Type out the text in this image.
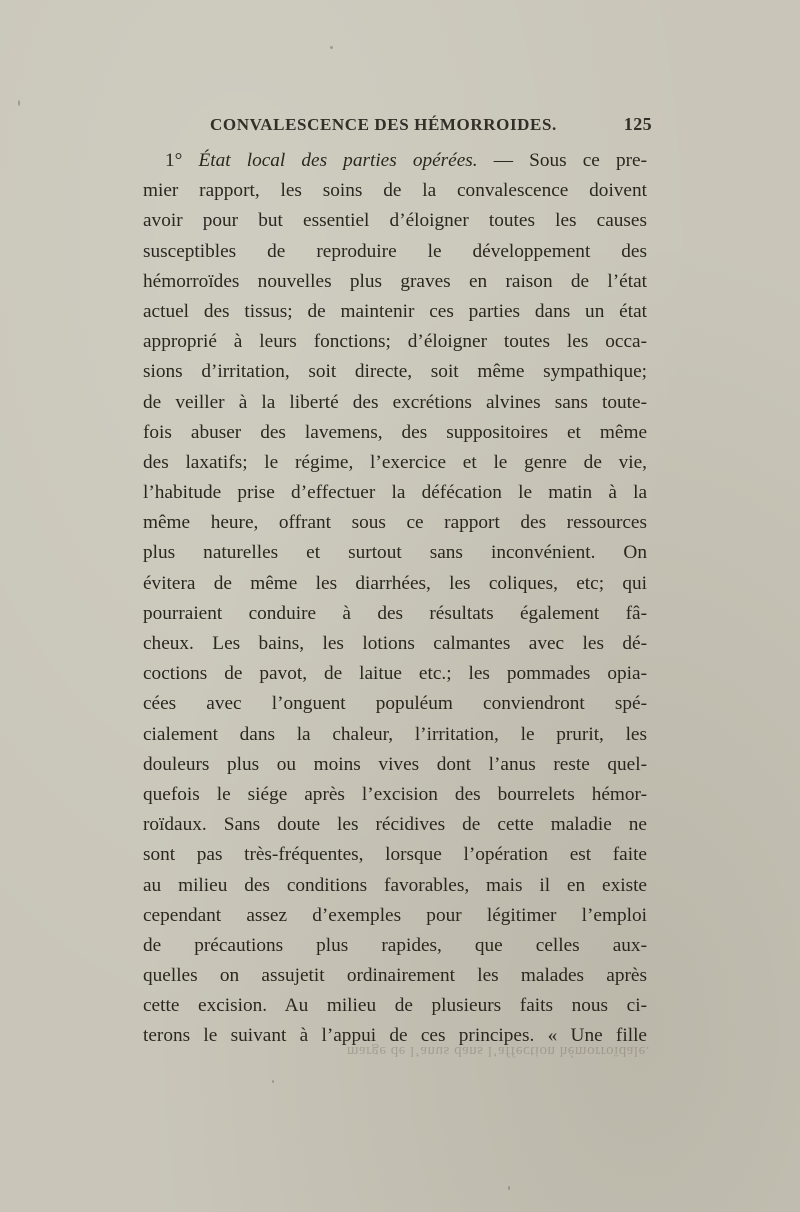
CONVALESCENCE DES HÉMORROIDES.	125
1° État local des parties opérées. — Sous ce pre-
mier rapport, les soins de la convalescence doivent
avoir pour but essentiel d’éloigner toutes les causes
susceptibles de reproduire le développement des
hémorroïdes nouvelles plus graves en raison de l’état
actuel des tissus; de maintenir ces parties dans un état
approprié à leurs fonctions; d’éloigner toutes les occa-
sions d’irritation, soit directe, soit même sympathique;
de veiller à la liberté des excrétions alvines sans toute-
fois abuser des lavemens, des suppositoires et même
des laxatifs; le régime, l’exercice et le genre de vie,
l’habitude prise d’effectuer la défécation le matin à la
même heure, offrant sous ce rapport des ressources
plus naturelles et surtout sans inconvénient. On
évitera de même les diarrhées, les coliques, etc; qui
pourraient conduire à des résultats également fâ-
cheux. Les bains, les lotions calmantes avec les dé-
coctions de pavot, de laitue etc.; les pommades opia-
cées avec l’onguent populéum conviendront spé-
cialement dans la chaleur, l’irritation, le prurit, les
douleurs plus ou moins vives dont l’anus reste quel-
quefois le siége après l’excision des bourrelets hémor-
roïdaux. Sans doute les récidives de cette maladie ne
sont pas très-fréquentes, lorsque l’opération est faite
au milieu des conditions favorables, mais il en existe
cependant assez d’exemples pour légitimer l’emploi
de précautions plus rapides, que celles aux-
quelles on assujetit ordinairement les malades après
cette excision. Au milieu de plusieurs faits nous ci-
terons le suivant à l’appui de ces principes. « Une fille
marge de l’anus dans l’affection hémorroïdale.
